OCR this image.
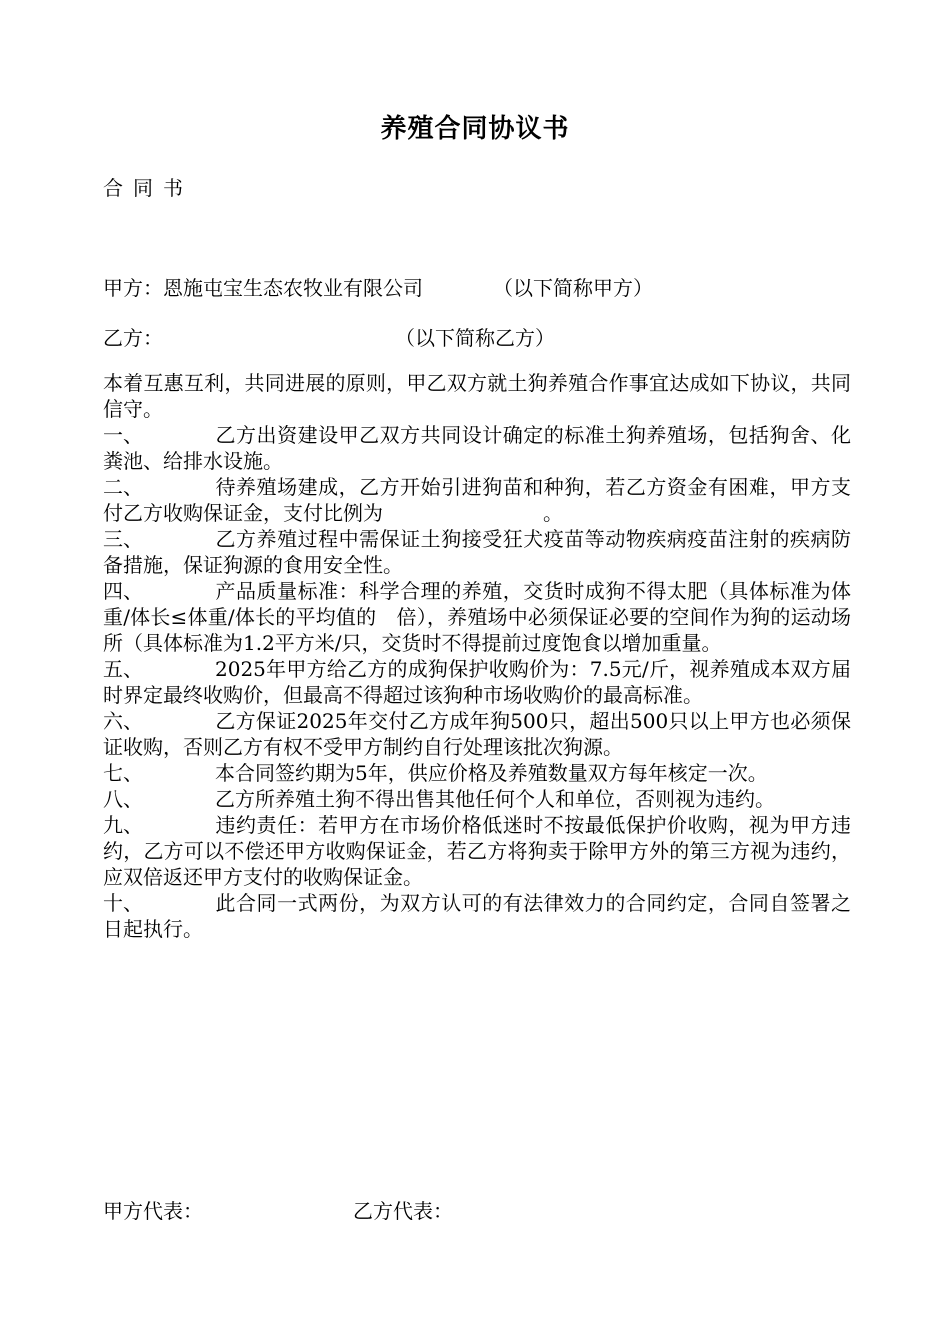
养殖合同协议书
合同书
甲方：恩施屯宝生态农牧业有限公司	（以下简称甲方）
乙方：	（以下简称乙方）

本着互惠互利，共同进展的原则，甲乙双方就土狗养殖合作事宜达成如下协议，共同信守。

一、	乙方出资建设甲乙双方共同设计确定的标准土狗养殖场，包括狗舍、化粪池、给排水设施。

二、	待养殖场建成，乙方开始引进狗苗和种狗，若乙方资金有困难，甲方支付乙方收购保证金，支付比例为　　　　　　　　。

三、	乙方养殖过程中需保证土狗接受狂犬疫苗等动物疾病疫苗注射的疾病防备措施，保证狗源的食用安全性。

四、	产品质量标准：科学合理的养殖，交货时成狗不得太肥（具体标准为体重/体长≤体重/体长的平均值的　倍），养殖场中必须保证必要的空间作为狗的运动场所（具体标准为1.2平方米/只，交货时不得提前过度饱食以增加重量。

五、	2025年甲方给乙方的成狗保护收购价为：7.5元/斤，视养殖成本双方届时界定最终收购价，但最高不得超过该狗种市场收购价的最高标准。

六、	乙方保证2025年交付乙方成年狗500只，超出500只以上甲方也必须保证收购，否则乙方有权不受甲方制约自行处理该批次狗源。

七、	本合同签约期为5年，供应价格及养殖数量双方每年核定一次。

八、	乙方所养殖土狗不得出售其他任何个人和单位，否则视为违约。

九、	违约责任：若甲方在市场价格低迷时不按最低保护价收购，视为甲方违约，乙方可以不偿还甲方收购保证金，若乙方将狗卖于除甲方外的第三方视为违约，应双倍返还甲方支付的收购保证金。

十、	此合同一式两份，为双方认可的有法律效力的合同约定，合同自签署之日起执行。

甲方代表：	乙方代表：
